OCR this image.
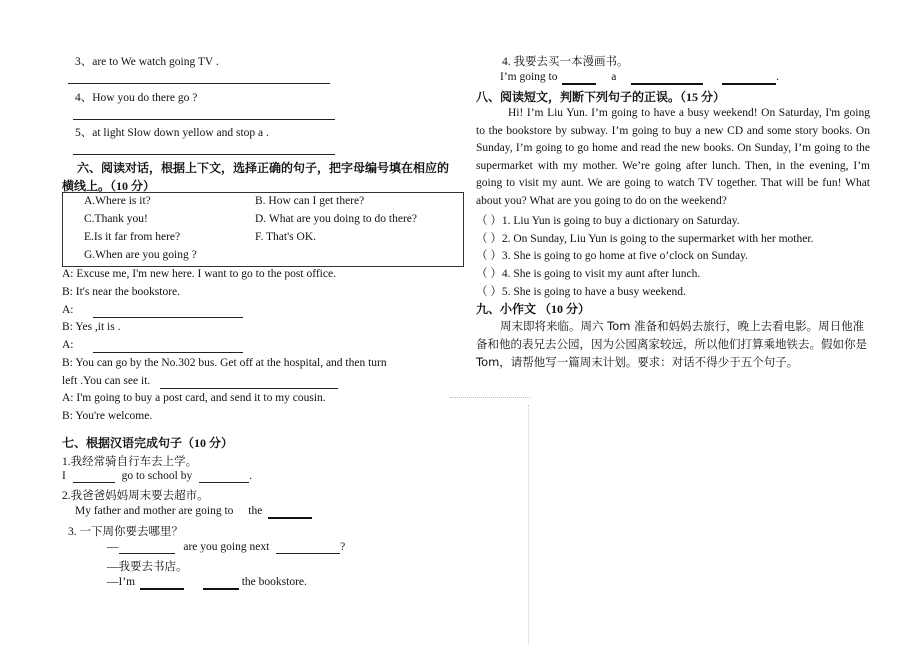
3、are to We watch going TV .
4、How you do there go ?
5、at light Slow down yellow and stop a .
六、阅读对话，根据上下文，选择正确的句子，把字母编号填在相应的
横线上。（10 分）
A.Where is it?	B. How can I get there?
C.Thank you!	D. What are you doing to do there?
E.Is it far from here?	F. That's OK.
G.When are you going ?
A: Excuse me, I'm new here. I want to go to the post office.
B: It's near the bookstore.
A:
B: Yes ,it is .
A:
B: You can go by the No.302 bus. Get off at the hospital, and then turn
left .You can see it.
A: I'm going to buy a post card, and send it to my cousin.
B: You're welcome.
七、根据汉语完成句子（10 分）
1.我经常骑自行车去上学。
I	go to school by	.
2.我爸爸妈妈周末要去超市。
My father and mother are going to the
3. 一下周你要去哪里？
—	are you going next	?
—我要去书店。
—I’m	the bookstore.
4. 我要去买一本漫画书。
I’m going to	a	.
八、阅读短文，判断下列句子的正误。（15 分）
Hi! I’m Liu Yun. I’m going to have a busy weekend! On Saturday, I'm going to the bookstore by subway. I’m going to buy a new CD and some story books. On Sunday, I’m going to go home and read the new books. On Sunday, I’m going to the supermarket with my mother. We’re going after lunch. Then, in the evening, I’m going to visit my aunt. We are going to watch TV together. That will be fun! What about you? What are you going to do on the weekend?
（ ）1. Liu Yun is going to buy a dictionary on Saturday.
（ ）2. On Sunday, Liu Yun is going to the supermarket with her mother.
（ ）3. She is going to go home at five o’clock on Sunday.
（ ）4. She is going to visit my aunt after lunch.
（ ）5. She is going to have a busy weekend.
九、小作文 （10 分）
周末即将来临。周六 Tom 准备和妈妈去旅行，晚上去看电影。周日他准备和他的表兄去公园，因为公园离家较远，所以他们打算乘地铁去。假如你是 Tom，请帮他写一篇周末计划。要求：对话不得少于五个句子。
